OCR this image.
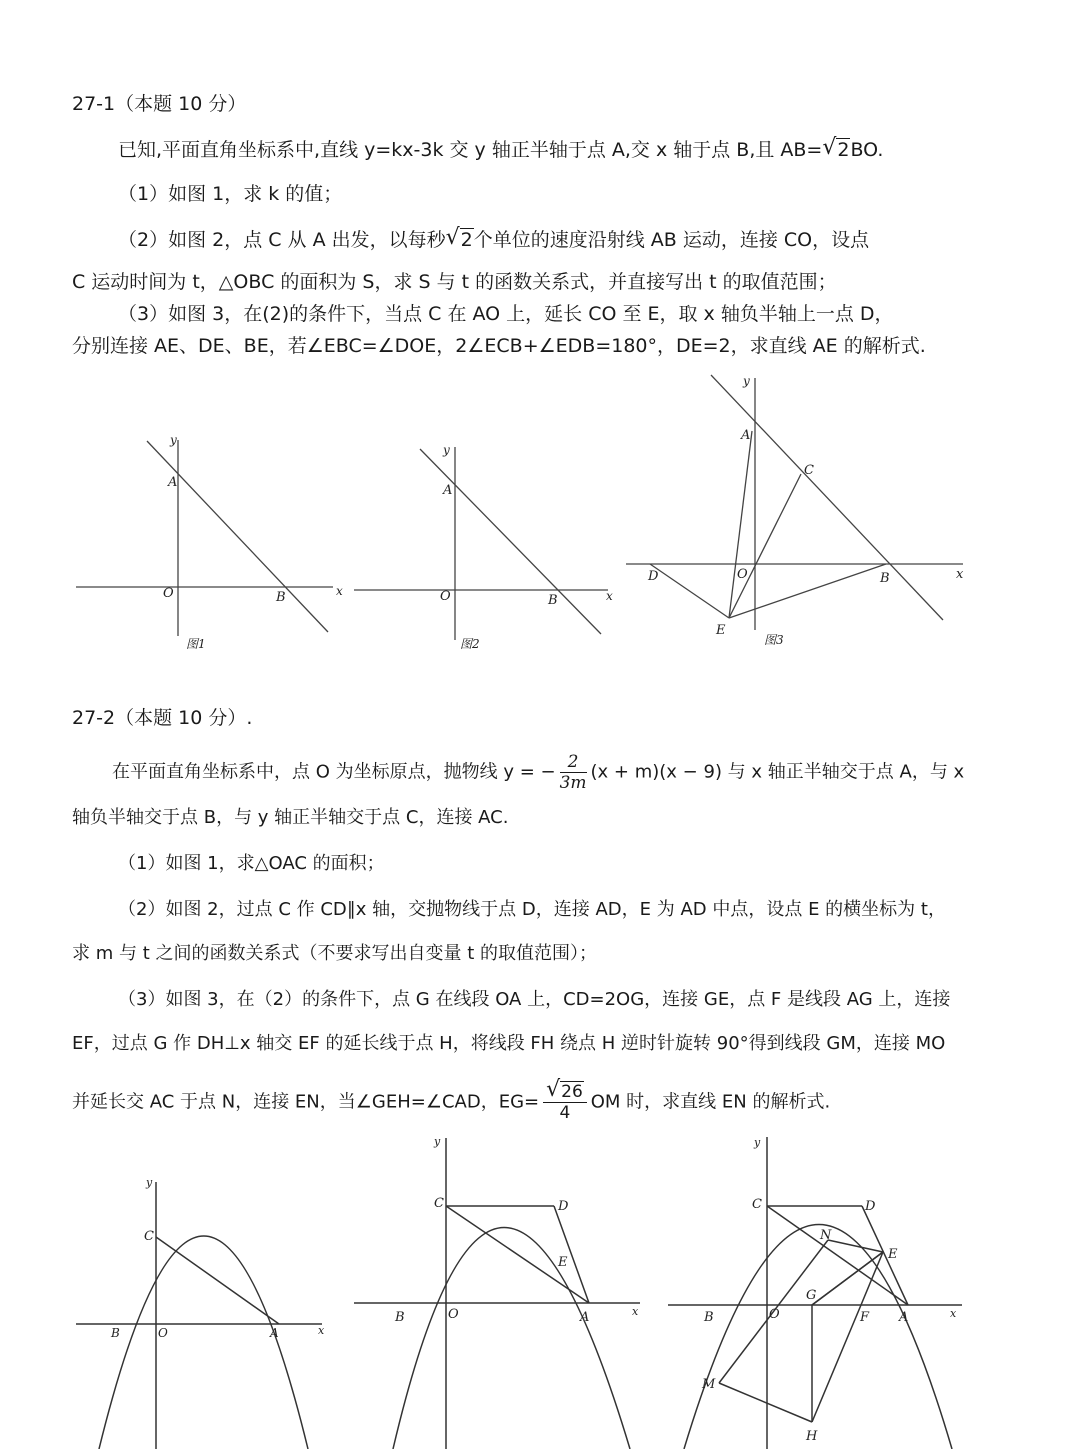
27-1（本题 10 分）
已知,平面直角坐标系中,直线 y=kx-3k 交 y 轴正半轴于点 A,交 x 轴于点 B,且 AB= √ 2BO.
（1）如图 1，求 k 的值；
（2）如图 2，点 C 从 A 出发，以每秒 √ 2个单位的速度沿射线 AB 运动，连接 CO，设点
C 运动时间为 t，△OBC 的面积为 S，求 S 与 t 的函数关系式，并直接写出 t 的取值范围；
（3）如图 3，在(2)的条件下，当点 C 在 AO 上，延长 CO 至 E，取 x 轴负半轴上一点 D，
分别连接 AE、DE、BE，若∠EBC=∠DOE，2∠ECB+∠EDB=180°，DE=2，求直线 AE 的解析式.
y
x
A
O	B
图1
y
x
A
O	B
图2
y
x
A
C
D	O	B
E
图3
27-2（本题 10 分）.
在平面直角坐标系中，点 O 为坐标原点，抛物线 y = − $\frac{2}{3m} (x + m)(x - 9)$ 与 x 轴正半轴交于点 A，与 x
轴负半轴交于点 B，与 y 轴正半轴交于点 C，连接 AC.
（1）如图 1，求△OAC 的面积；
（2）如图 2，过点 C 作 CD∥x 轴，交抛物线于点 D，连接 AD，E 为 AD 中点，设点 E 的横坐标为 t，
求 m 与 t 之间的函数关系式（不要求写出自变量 t 的取值范围）；
（3）如图 3，在（2）的条件下，点 G 在线段 OA 上，CD=2OG，连接 GE，点 F 是线段 AG 上，连接
EF，过点 G 作 DH⊥x 轴交 EF 的延长线于点 H，将线段 FH 绕点 H 逆时针旋转 90°得到线段 GM，连接 MO
并延长交 AC 于点 N，连接 EN，当∠GEH=∠CAD，EG= √ $\frac{26}{4}$ OM 时，求直线 EN 的解析式.
y
x
C
B	O	A
y
x
C	D
E
B	O	A
y
x
C	D
N
E
G
B	O	F A
M
H
